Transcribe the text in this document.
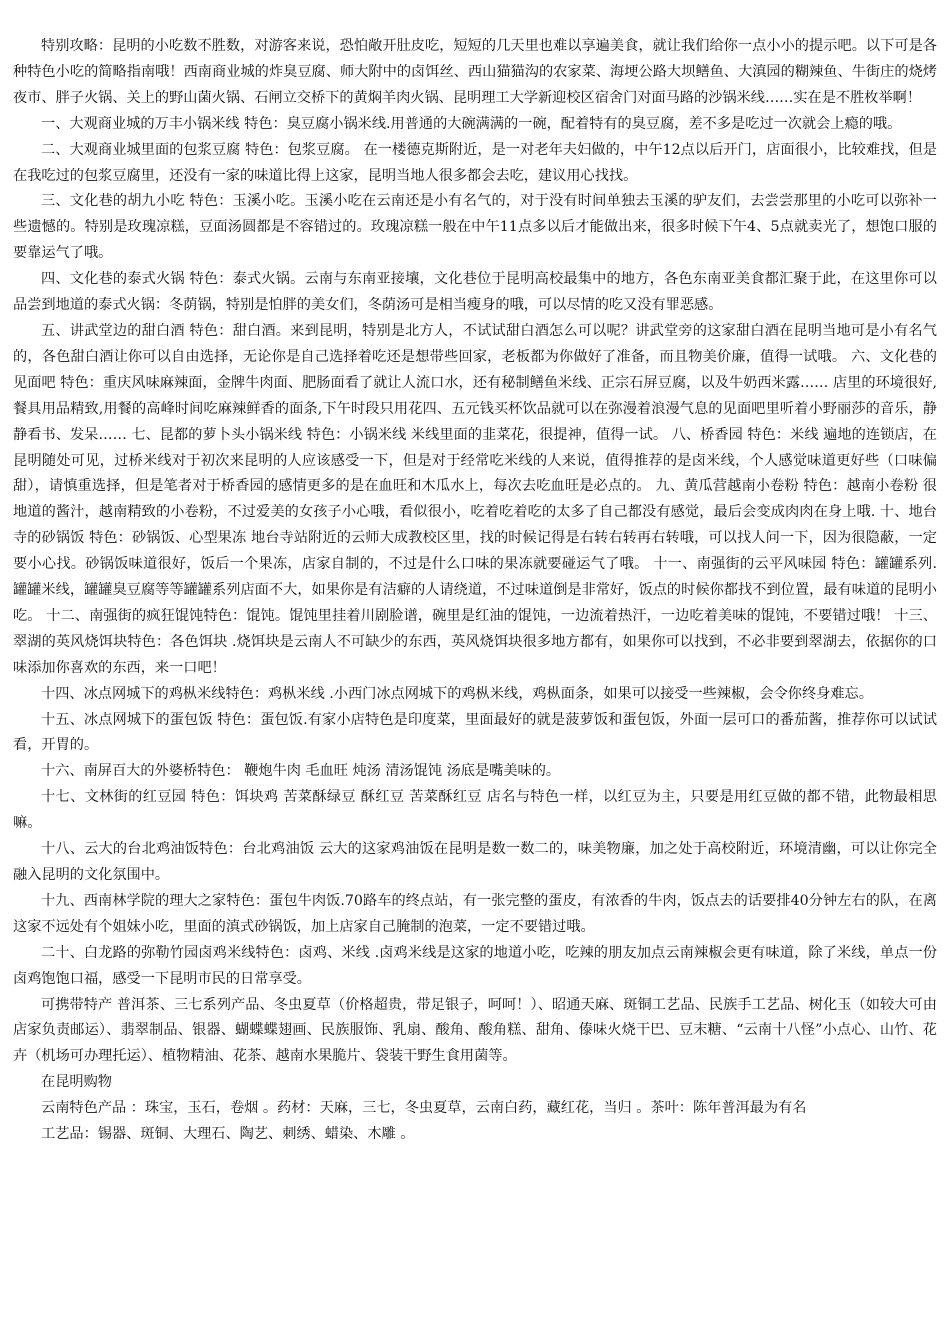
特别攻略：昆明的小吃数不胜数，对游客来说，恐怕敞开肚皮吃，短短的几天里也难以享遍美食，就让我们给你一点小小的提示吧。以下可是各种特色小吃的简略指南哦！西南商业城的炸臭豆腐、师大附中的卤饵丝、西山猫猫沟的农家菜、海埂公路大坝鳝鱼、大滇园的糊辣鱼、牛街庄的烧烤夜市、胖子火锅、关上的野山菌火锅、石闸立交桥下的黄焖羊肉火锅、昆明理工大学新迎校区宿舍门对面马路的沙锅米线……实在是不胜枚举啊！

一、大观商业城的万丰小锅米线 特色：臭豆腐小锅米线.用普通的大碗满满的一碗，配着特有的臭豆腐，差不多是吃过一次就会上瘾的哦。

二、大观商业城里面的包浆豆腐 特色：包浆豆腐。 在一楼德克斯附近，是一对老年夫妇做的，中午12点以后开门，店面很小，比较难找，但是在我吃过的包浆豆腐里，还没有一家的味道比得上这家，昆明当地人很多都会去吃，建议用心找找。

三、文化巷的胡九小吃 特色：玉溪小吃。玉溪小吃在云南还是小有名气的，对于没有时间单独去玉溪的驴友们，去尝尝那里的小吃可以弥补一些遗憾的。特别是玫瑰凉糕，豆面汤圆都是不容错过的。玫瑰凉糕一般在中午11点多以后才能做出来，很多时候下午4、5点就卖光了，想饱口服的要靠运气了哦。

四、文化巷的泰式火锅 特色：泰式火锅。云南与东南亚接壤，文化巷位于昆明高校最集中的地方，各色东南亚美食都汇聚于此，在这里你可以品尝到地道的泰式火锅：冬荫锅，特别是怕胖的美女们，冬荫汤可是相当瘦身的哦，可以尽情的吃又没有罪恶感。

五、讲武堂边的甜白酒 特色：甜白酒。来到昆明，特别是北方人，不试试甜白酒怎么可以呢？讲武堂旁的这家甜白酒在昆明当地可是小有名气的，各色甜白酒让你可以自由选择，无论你是自己选择着吃还是想带些回家，老板都为你做好了准备，而且物美价廉，值得一试哦。 六、文化巷的见面吧 特色：重庆风味麻辣面，金牌牛肉面、肥肠面看了就让人流口水，还有秘制鳝鱼米线、正宗石屏豆腐，以及牛奶西米露…… 店里的环境很好,餐具用品精致,用餐的高峰时间吃麻辣鲜香的面条,下午时段只用花四、五元钱买杯饮品就可以在弥漫着浪漫气息的见面吧里听着小野丽莎的音乐，静静看书、发呆…… 七、昆都的萝卜头小锅米线 特色：小锅米线 米线里面的韭菜花，很提神，值得一试。 八、桥香园 特色：米线 遍地的连锁店，在昆明随处可见，过桥米线对于初次来昆明的人应该感受一下，但是对于经常吃米线的人来说，值得推荐的是卤米线，个人感觉味道更好些（口味偏甜），请慎重选择，但是笔者对于桥香园的感情更多的是在血旺和木瓜水上，每次去吃血旺是必点的。 九、黄瓜营越南小卷粉 特色：越南小卷粉 很地道的酱汁，越南精致的小卷粉，不过爱美的女孩子小心哦，看似很小，吃着吃着吃的太多了自己都没有感觉，最后会变成肉肉在身上哦. 十、地台寺的砂锅饭 特色：砂锅饭、心型果冻 地台寺站附近的云师大成教校区里，找的时候记得是右转右转再右转哦，可以找人问一下，因为很隐蔽，一定要小心找。砂锅饭味道很好，饭后一个果冻，店家自制的，不过是什么口味的果冻就要碰运气了哦。 十一、南强街的云平风味园 特色：罐罐系列. 罐罐米线，罐罐臭豆腐等等罐罐系列店面不大，如果你是有洁癖的人请绕道，不过味道倒是非常好，饭点的时候你都找不到位置，最有味道的昆明小吃。 十二、南强街的疯狂馄饨特色：馄饨。馄饨里挂着川剧脸谱，碗里是红油的馄饨，一边流着热汗，一边吃着美味的馄饨，不要错过哦！ 十三、翠湖的英风烧饵块特色：各色饵块 .烧饵块是云南人不可缺少的东西，英风烧饵块很多地方都有，如果你可以找到，不必非要到翠湖去，依据你的口味添加你喜欢的东西，来一口吧！

十四、冰点网城下的鸡枞米线特色：鸡枞米线 .小西门冰点网城下的鸡枞米线，鸡枞面条，如果可以接受一些辣椒，会令你终身难忘。

十五、冰点网城下的蛋包饭 特色：蛋包饭.有家小店特色是印度菜，里面最好的就是菠萝饭和蛋包饭，外面一层可口的番茄酱，推荐你可以试试看，开胃的。

十六、南屏百大的外婆桥特色： 鞭炮牛肉 毛血旺 炖汤 清汤馄饨 汤底是嘴美味的。

十七、文林街的红豆园 特色：饵块鸡 苦菜酥绿豆 酥红豆 苦菜酥红豆 店名与特色一样，以红豆为主，只要是用红豆做的都不错，此物最相思嘛。

十八、云大的台北鸡油饭特色：台北鸡油饭 云大的这家鸡油饭在昆明是数一数二的，味美物廉，加之处于高校附近，环境清幽，可以让你完全融入昆明的文化氛围中。

十九、西南林学院的理大之家特色：蛋包牛肉饭.70路车的终点站，有一张完整的蛋皮，有浓香的牛肉，饭点去的话要排40分钟左右的队，在离这家不远处有个姐妹小吃，里面的滇式砂锅饭，加上店家自己腌制的泡菜，一定不要错过哦。

二十、白龙路的弥勒竹园卤鸡米线特色：卤鸡、米线 .卤鸡米线是这家的地道小吃，吃辣的朋友加点云南辣椒会更有味道，除了米线，单点一份卤鸡饱饱口福，感受一下昆明市民的日常享受。

可携带特产 普洱茶、三七系列产品、冬虫夏草（价格超贵，带足银子，呵呵！）、昭通天麻、斑铜工艺品、民族手工艺品、树化玉（如较大可由店家负责邮运）、翡翠制品、银器、蝴蝶蝶翅画、民族服饰、乳扇、酸角、酸角糕、甜角、傣味火烧干巴、豆末糖、“云南十八怪”小点心、山竹、花卉（机场可办理托运）、植物精油、花茶、越南水果脆片、袋装干野生食用菌等。

在昆明购物

云南特色产品 ：珠宝，玉石，卷烟 。药材：天麻，三七，冬虫夏草，云南白药，藏红花，当归 。茶叶：陈年普洱最为有名

工艺品：锡器、斑铜、大理石、陶艺、刺绣、蜡染、木雕 。
